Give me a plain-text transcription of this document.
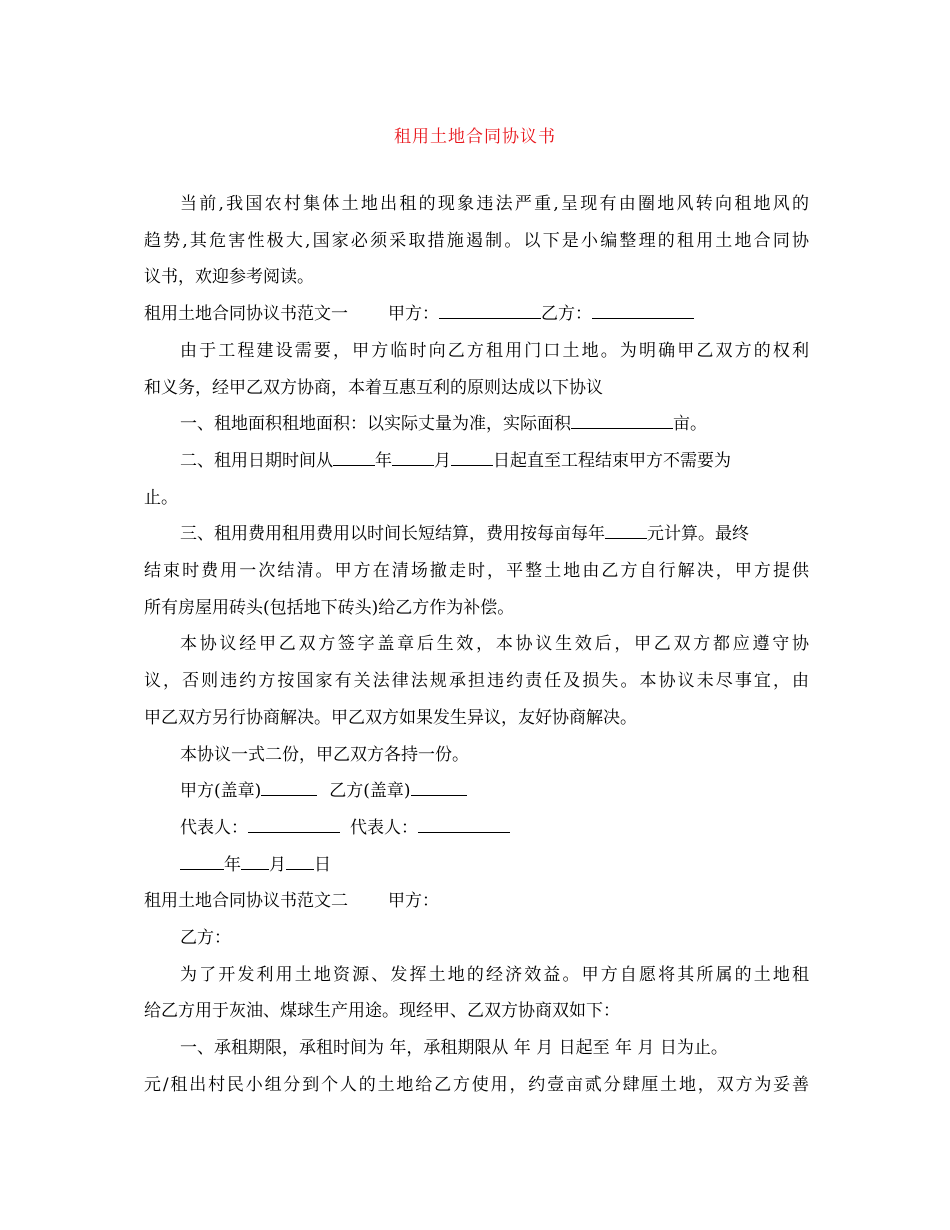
租用土地合同协议书

当前,我国农村集体土地出租的现象违法严重,呈现有由圈地风转向租地风的

趋势,其危害性极大,国家必须采取措施遏制。以下是小编整理的租用土地合同协

议书，欢迎参考阅读。

租用土地合同协议书范文一 甲方：	乙方：

由于工程建设需要，甲方临时向乙方租用门口土地。为明确甲乙双方的权利

和义务，经甲乙双方协商，本着互惠互利的原则达成以下协议

一、租地面积租地面积：以实际丈量为准，实际面积	亩。

二、租用日期时间从 年 月 日起直至工程结束甲方不需要为

止。

三、租用费用租用费用以时间长短结算，费用按每亩每年 元计算。最终

结束时费用一次结清。甲方在清场撤走时，平整土地由乙方自行解决，甲方提供

所有房屋用砖头(包括地下砖头)给乙方作为补偿。

本协议经甲乙双方签字盖章后生效，本协议生效后，甲乙双方都应遵守协

议，否则违约方按国家有关法律法规承担违约责任及损失。本协议未尽事宜，由

甲乙双方另行协商解决。甲乙双方如果发生异议，友好协商解决。

本协议一式二份，甲乙双方各持一份。

甲方(盖章)	乙方(盖章)

代表人：	代表人：

年 月 日

租用土地合同协议书范文二 甲方：

乙方：

为了开发利用土地资源、发挥土地的经济效益。甲方自愿将其所属的土地租

给乙方用于灰油、煤球生产用途。现经甲、乙双方协商双如下：

一、承租期限，承租时间为 年，承租期限从 年 月 日起至 年 月 日为止。

元/租出村民小组分到个人的土地给乙方使用，约壹亩贰分肆厘土地，双方为妥善
